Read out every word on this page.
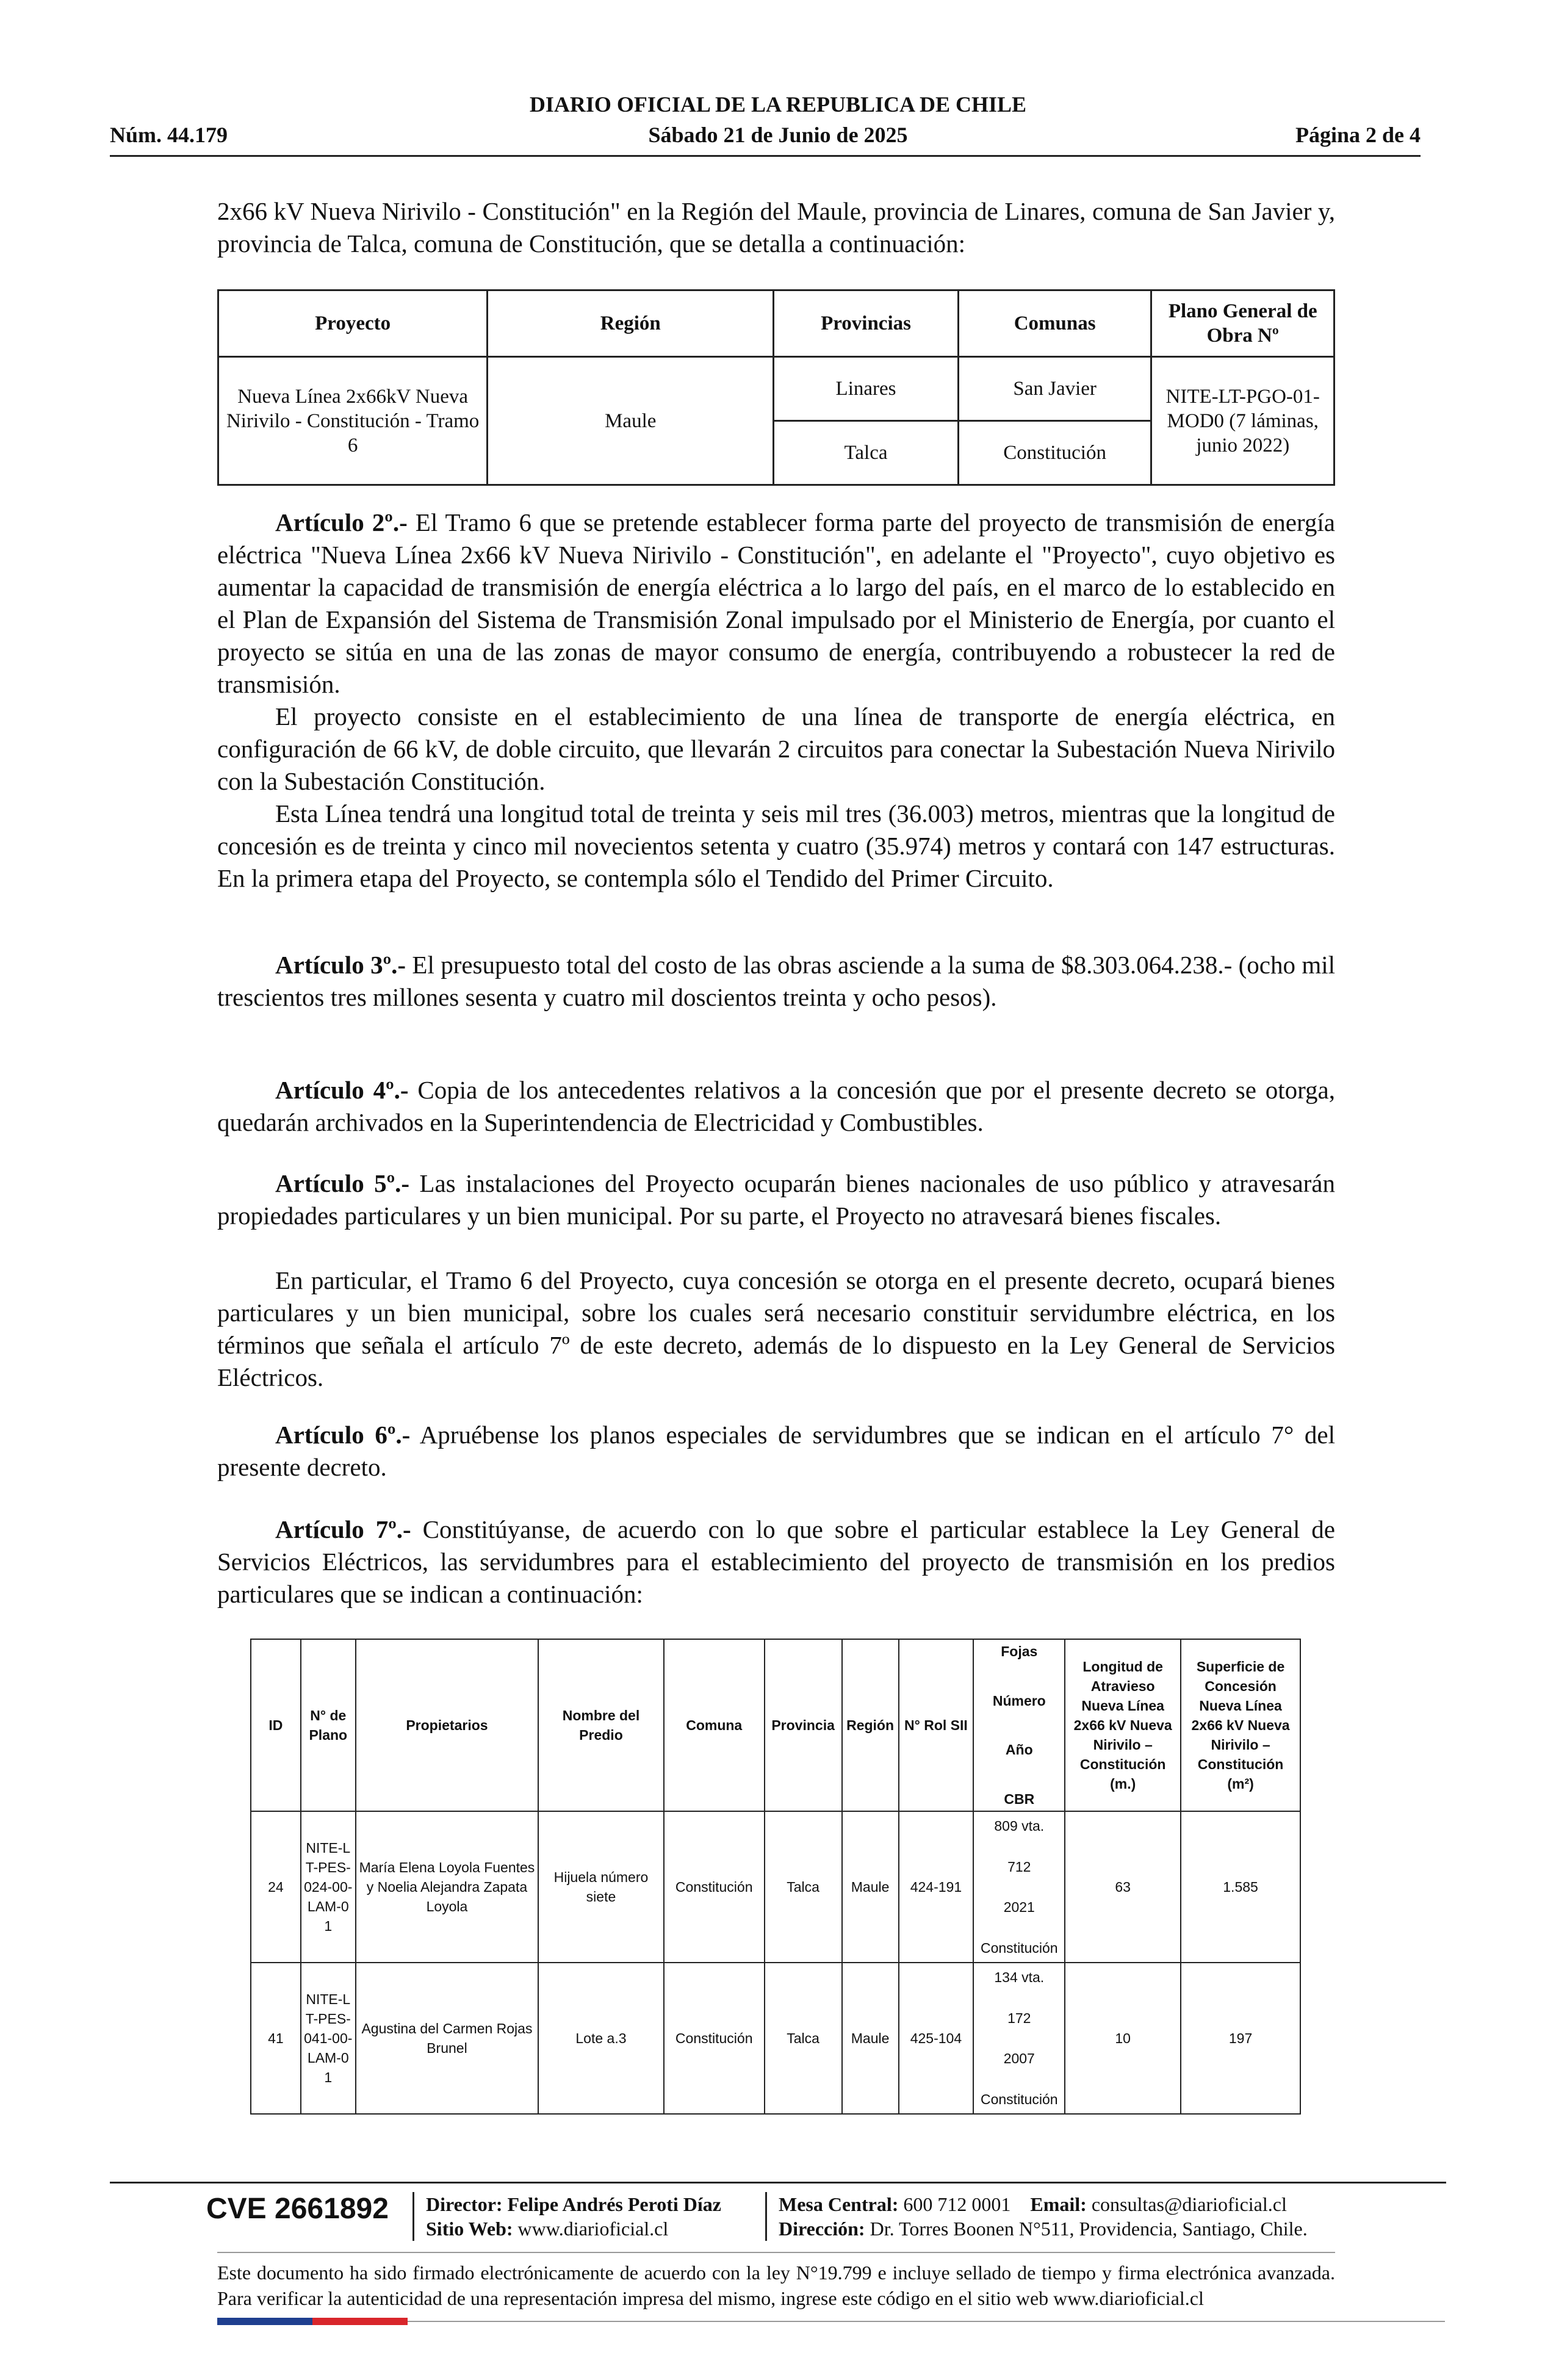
DIARIO OFICIAL DE LA REPUBLICA DE CHILE
Núm. 44.179	Sábado 21 de Junio de 2025	Página 2 de 4

2x66 kV Nueva Nirivilo - Constitución" en la Región del Maule, provincia de Linares, comuna de San Javier y, provincia de Talca, comuna de Constitución, que se detalla a continuación:

Proyecto	Región	Provincias	Comunas	Plano General de Obra Nº
Nueva Línea 2x66kV Nueva Nirivilo - Constitución - Tramo 6	Maule	Linares	San Javier	NITE-LT-PGO-01-MOD0 (7 láminas, junio 2022)
		Talca	Constitución	

Artículo 2º.- El Tramo 6 que se pretende establecer forma parte del proyecto de transmisión de energía eléctrica "Nueva Línea 2x66 kV Nueva Nirivilo - Constitución", en adelante el "Proyecto", cuyo objetivo es aumentar la capacidad de transmisión de energía eléctrica a lo largo del país, en el marco de lo establecido en el Plan de Expansión del Sistema de Transmisión Zonal impulsado por el Ministerio de Energía, por cuanto el proyecto se sitúa en una de las zonas de mayor consumo de energía, contribuyendo a robustecer la red de transmisión.

El proyecto consiste en el establecimiento de una línea de transporte de energía eléctrica, en configuración de 66 kV, de doble circuito, que llevarán 2 circuitos para conectar la Subestación Nueva Nirivilo con la Subestación Constitución.

Esta Línea tendrá una longitud total de treinta y seis mil tres (36.003) metros, mientras que la longitud de concesión es de treinta y cinco mil novecientos setenta y cuatro (35.974) metros y contará con 147 estructuras. En la primera etapa del Proyecto, se contempla sólo el Tendido del Primer Circuito.

Artículo 3º.- El presupuesto total del costo de las obras asciende a la suma de $8.303.064.238.- (ocho mil trescientos tres millones sesenta y cuatro mil doscientos treinta y ocho pesos).

Artículo 4º.- Copia de los antecedentes relativos a la concesión que por el presente decreto se otorga, quedarán archivados en la Superintendencia de Electricidad y Combustibles.

Artículo 5º.- Las instalaciones del Proyecto ocuparán bienes nacionales de uso público y atravesarán propiedades particulares y un bien municipal. Por su parte, el Proyecto no atravesará bienes fiscales.

En particular, el Tramo 6 del Proyecto, cuya concesión se otorga en el presente decreto, ocupará bienes particulares y un bien municipal, sobre los cuales será necesario constituir servidumbre eléctrica, en los términos que señala el artículo 7º de este decreto, además de lo dispuesto en la Ley General de Servicios Eléctricos.

Artículo 6º.- Apruébense los planos especiales de servidumbres que se indican en el artículo 7° del presente decreto.

Artículo 7º.- Constitúyanse, de acuerdo con lo que sobre el particular establece la Ley General de Servicios Eléctricos, las servidumbres para el establecimiento del proyecto de transmisión en los predios particulares que se indican a continuación:

ID	N° de Plano	Propietarios	Nombre del Predio	Comuna	Provincia	Región	N° Rol SII	Fojas
Número
Año
CBR	Longitud de Atravieso Nueva Línea 2x66 kV Nueva Nirivilo – Constitución (m.)	Superficie de Concesión Nueva Línea 2x66 kV Nueva Nirivilo – Constitución (m²)
24	NITE-LT-PES-024-00-LAM-01	María Elena Loyola Fuentes y Noelia Alejandra Zapata Loyola	Hijuela número siete	Constitución	Talca	Maule	424-191	809 vta.
712
2021
Constitución	63	1.585
41	NITE-LT-PES-041-00-LAM-01	Agustina del Carmen Rojas Brunel	Lote a.3	Constitución	Talca	Maule	425-104	134 vta.
172
2007
Constitución	10	197
CVE 2661892 Director: Felipe Andrés Peroti Díaz
Sitio Web: www.diarioficial.cl
Mesa Central: 600 712 0001 Email: consultas@diarioficial.cl
Dirección: Dr. Torres Boonen N°511, Providencia, Santiago, Chile.

Este documento ha sido firmado electrónicamente de acuerdo con la ley N°19.799 e incluye sellado de tiempo y firma electrónica avanzada. Para verificar la autenticidad de una representación impresa del mismo, ingrese este código en el sitio web www.diarioficial.cl
